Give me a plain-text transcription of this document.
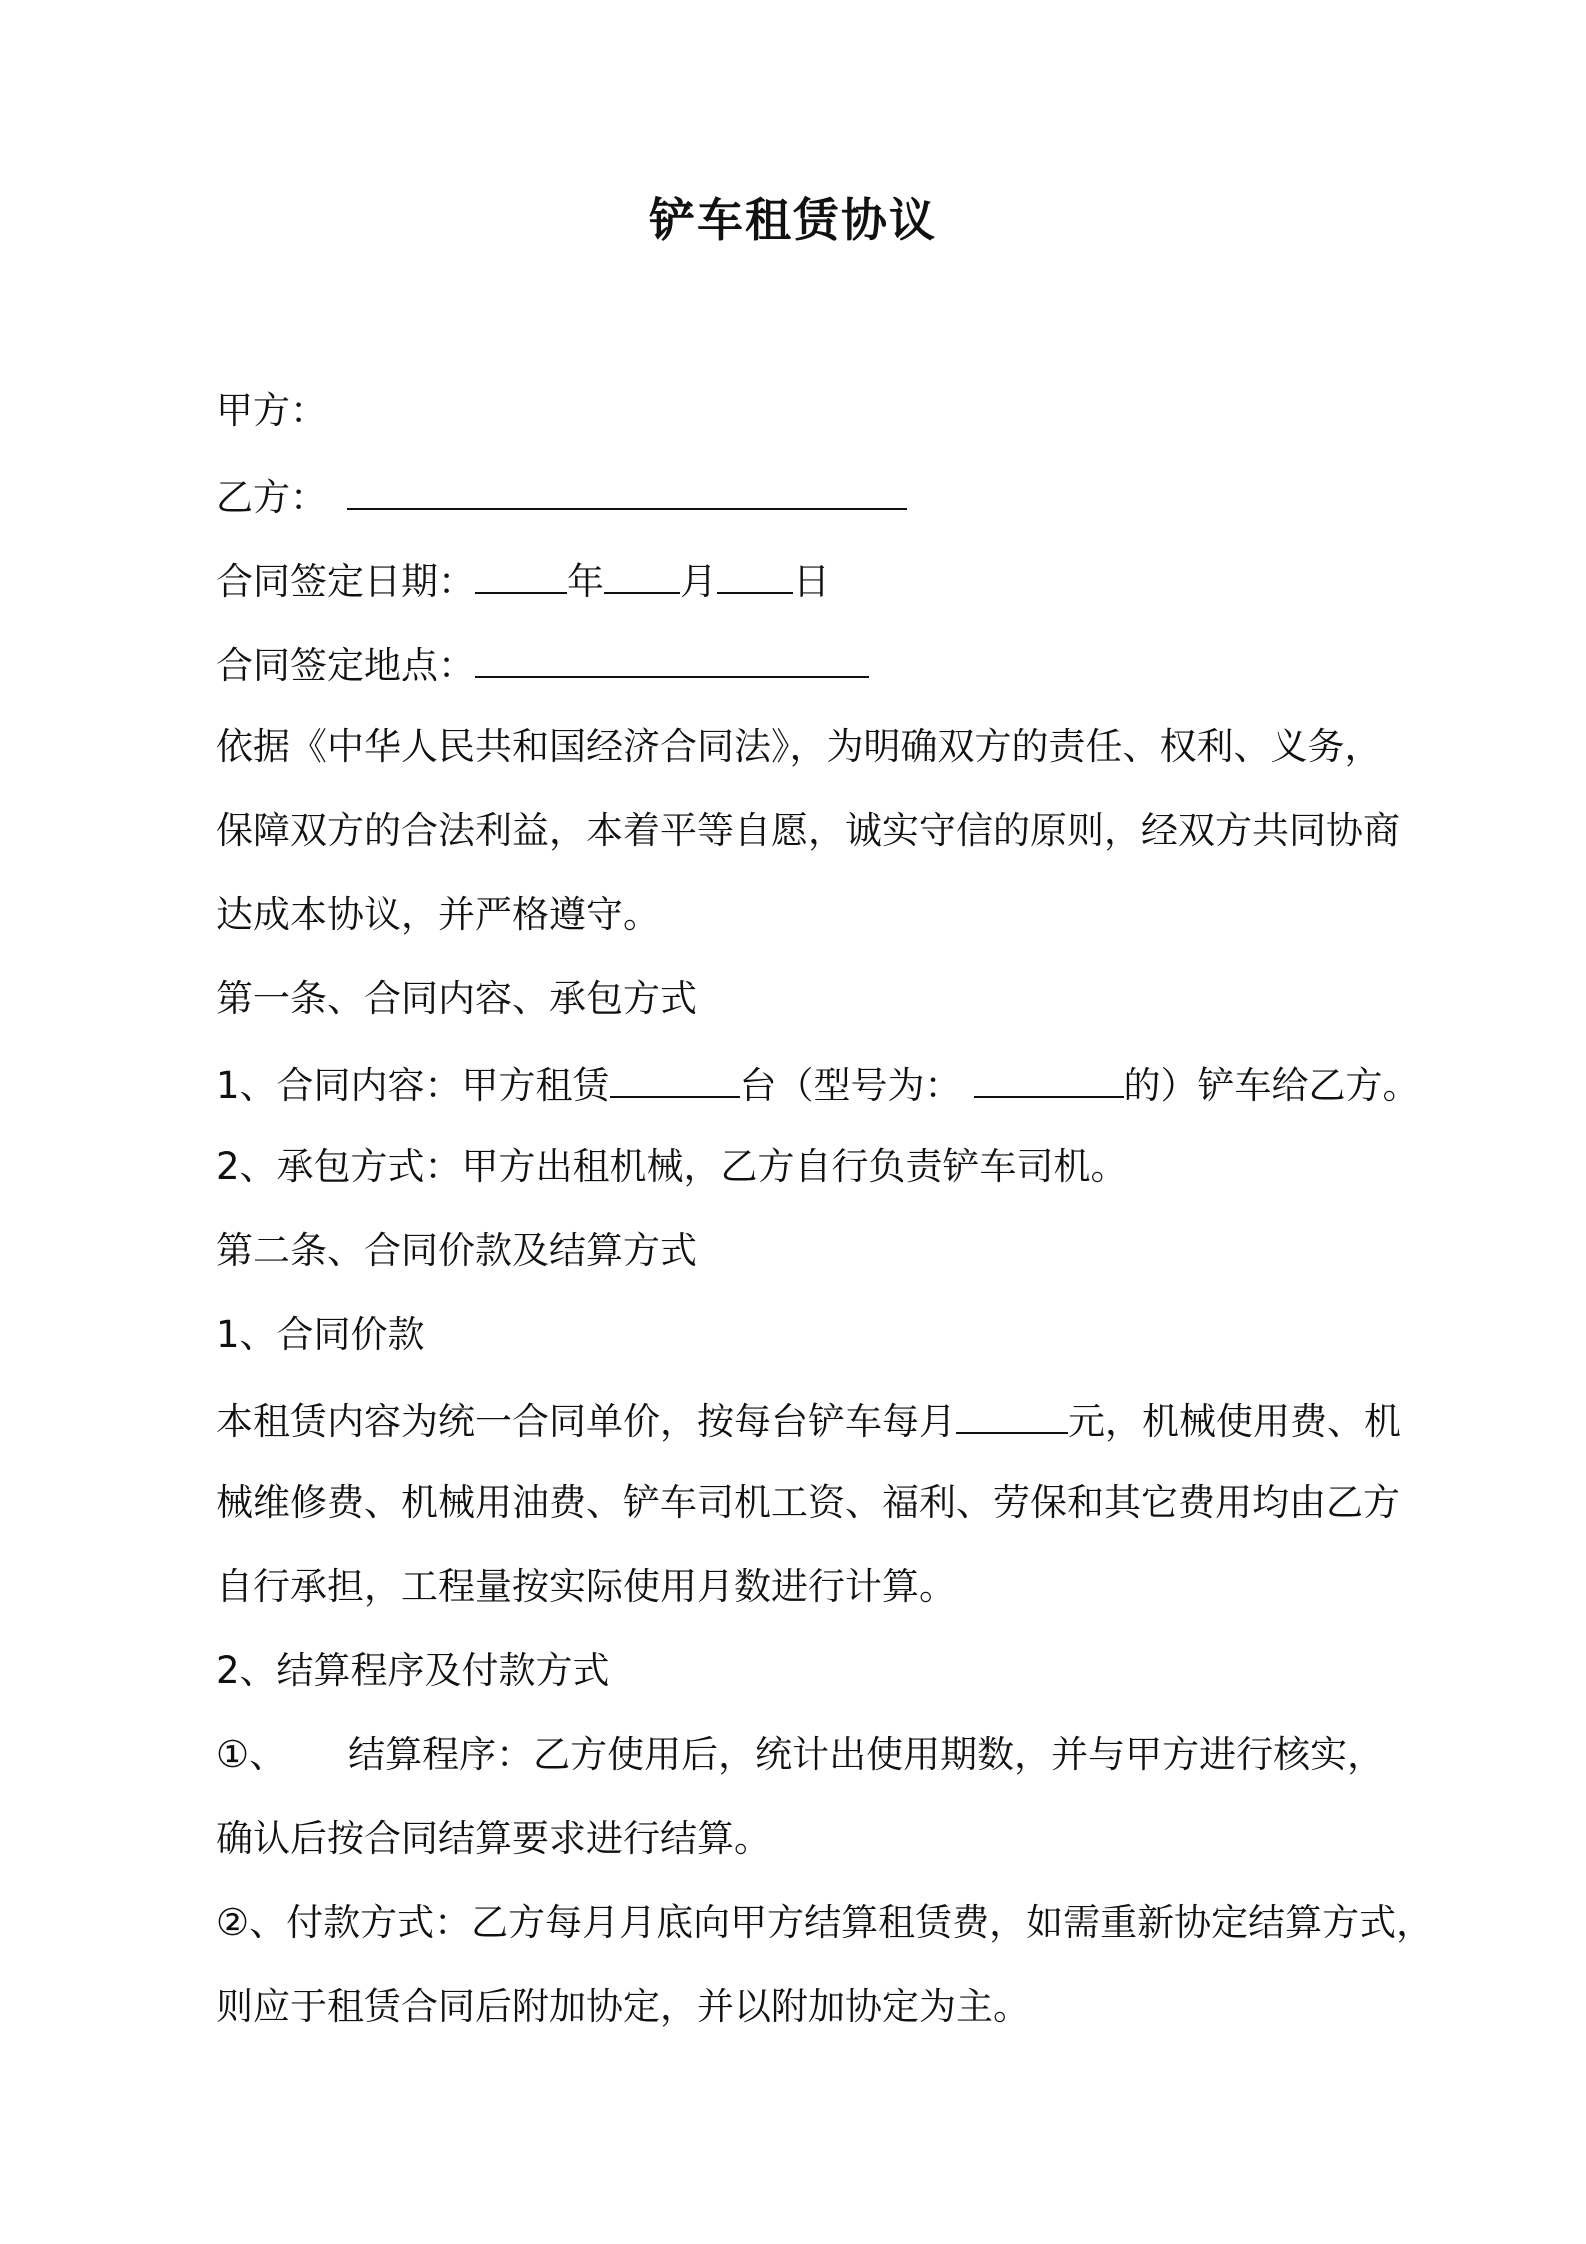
铲车租赁协议
甲方：
乙方：
合同签定日期： 年 月 日
合同签定地点：
依据《中华人民共和国经济合同法》，为明确双方的责任、权利、义务，
保障双方的合法利益，本着平等自愿，诚实守信的原则，经双方共同协商
达成本协议，并严格遵守。
第一条、合同内容、承包方式
1、合同内容：甲方租赁	台（型号为：	的）铲车给乙方。
2、承包方式：甲方出租机械，乙方自行负责铲车司机。
第二条、合同价款及结算方式
1、合同价款
本租赁内容为统一合同单价，按每台铲车每月	元，机械使用费、机
械维修费、机械用油费、铲车司机工资、福利、劳保和其它费用均由乙方
自行承担，工程量按实际使用月数进行计算。
2、结算程序及付款方式
①、 结算程序：乙方使用后，统计出使用期数，并与甲方进行核实，
确认后按合同结算要求进行结算。
②、付款方式：乙方每月月底向甲方结算租赁费，如需重新协定结算方式，
则应于租赁合同后附加协定，并以附加协定为主。
